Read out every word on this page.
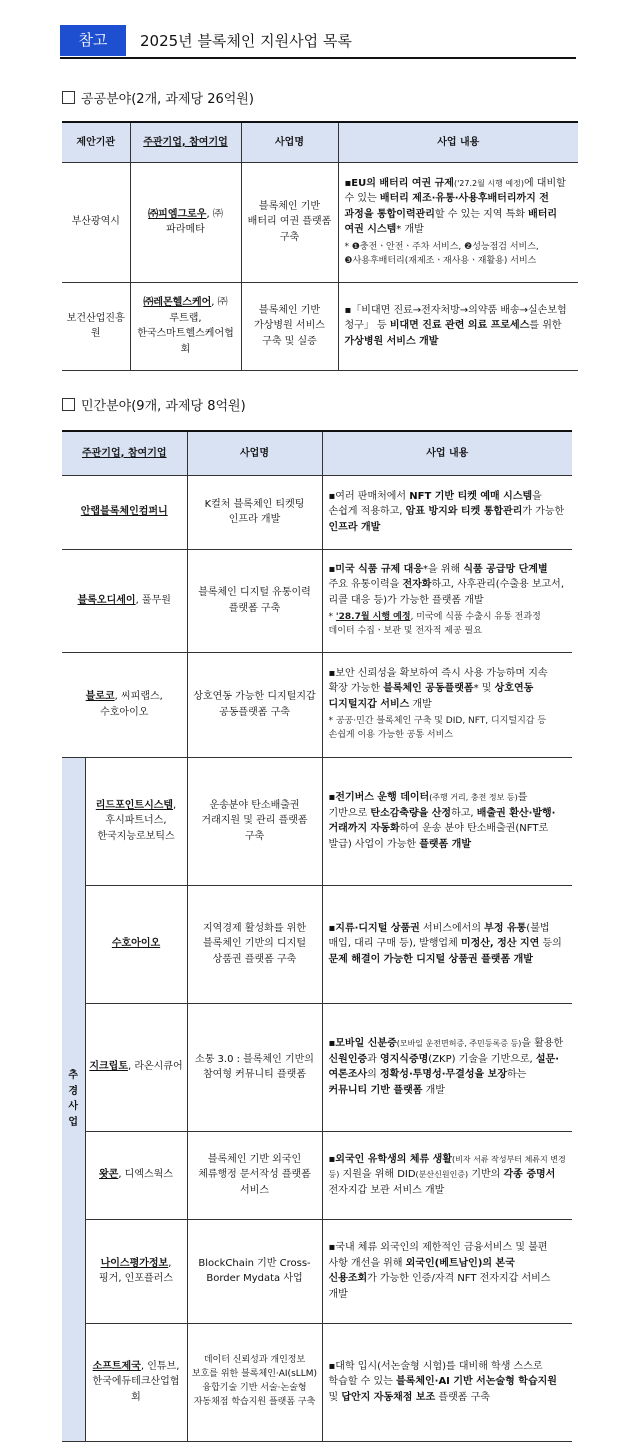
참고	2025년 블록체인 지원사업 목록
공공분야(2개, 과제당 26억원)
제안기관	주관기업, 참여기업	사업명	사업 내용
부산광역시	㈜피엠그로우, ㈜파라메타	블록체인 기반 배터리 여권 플랫폼 구축	▪EU의 배터리 여권 규제('27.2월 시행 예정)에 대비할 수 있는 배터리 제조·유통·사용후배터리까지 전 과정을 통합이력관리할 수 있는 지역 특화 배터리 여권 시스템* 개발
* ❶충전ㆍ안전ㆍ주차 서비스, ❷성능점검 서비스, ❸사용후배터리(재제조ㆍ재사용ㆍ재활용) 서비스

보건산업진흥원	㈜레몬헬스케어, ㈜루트랩, 한국스마트헬스케어협회	블록체인 기반 가상병원 서비스 구축 및 실증	▪「비대면 진료→전자처방→의약품 배송→실손보험 청구」 등 비대면 진료 관련 의료 프로세스를 위한 가상병원 서비스 개발
민간분야(9개, 과제당 8억원)
주관기업, 참여기업		사업명	사업 내용
안랩블록체인컴퍼니		K컬처 블록체인 티켓팅 인프라 개발	▪여러 판매처에서 NFT 기반 티켓 예매 시스템을 손쉽게 적용하고, 암표 방지와 티켓 통합관리가 가능한 인프라 개발
블록오디세이, 풀무원		블록체인 디지털 유통이력 플랫폼 구축	▪미국 식품 규제 대응*을 위해 식품 공급망 단계별 주요 유통이력을 전자화하고, 사후관리(수출용 보고서, 리콜 대응 등)가 가능한 플랫폼 개발
* '28.7월 시행 예정, 미국에 식품 수출시 유통 전과정 데이터 수집ㆍ보관 및 전자적 제공 필요

블로코, 씨피랩스, 수호아이오		상호연동 가능한 디지털지갑 공동플랫폼 구축	▪보안 신뢰성을 확보하여 즉시 사용 가능하며 지속 확장 가능한 블록체인 공동플랫폼* 및 상호연동 디지털지갑 서비스 개발
* 공공·민간 블록체인 구축 및 DID, NFT, 디지털지갑 등 손쉽게 이용 가능한 공통 서비스

추경사업	리드포인트시스템, 후시파트너스, 한국지능로보틱스	운송분야 탄소배출권 거래지원 및 관리 플랫폼 구축	▪전기버스 운행 데이터(주행 거리, 충전 정보 등)를 기반으로 탄소감축량을 산정하고, 배출권 환산·발행·거래까지 자동화하여 운송 분야 탄소배출권(NFT로 발급) 사업이 가능한 플랫폼 개발
	수호아이오	지역경제 활성화를 위한 블록체인 기반의 디지털 상품권 플랫폼 구축	▪지류·디지털 상품권 서비스에서의 부정 유통(불법 매입, 대리 구매 등), 발행업체 미정산, 정산 지연 등의 문제 해결이 가능한 디지털 상품권 플랫폼 개발
	지크립토, 라온시큐어	소통 3.0 : 블록체인 기반의 참여형 커뮤니티 플랫폼	▪모바일 신분증(모바일 운전면허증, 주민등록증 등)을 활용한 신원인증과 영지식증명(ZKP) 기술을 기반으로, 설문·여론조사의 정확성·투명성·무결성을 보장하는 커뮤니티 기반 플랫폼 개발
	왓콘, 디엑스웍스	블록체인 기반 외국인 체류행정 문서작성 플랫폼 서비스	▪외국인 유학생의 체류 생활(비자 서류 작성부터 체류지 변경 등) 지원을 위해 DID(분산신원인증) 기반의 각종 증명서 전자지갑 보관 서비스 개발
	나이스평가정보, 핑거, 인포플러스	BlockChain 기반 Cross-Border Mydata 사업	▪국내 체류 외국인의 제한적인 금융서비스 및 불편 사항 개선을 위해 외국인(베트남인)의 본국 신용조회가 가능한 인증/자격 NFT 전자지갑 서비스 개발
	소프트제국, 인튜브, 한국에듀테크산업협회	데이터 신뢰성과 개인정보 보호를 위한 블록체인·AI(sLLM) 융합기술 기반 서술·논술형 자동채점 학습지원 플랫폼 구축	▪대학 입시(서논술형 시험)를 대비해 학생 스스로 학습할 수 있는 블록체인·AI 기반 서논술형 학습지원 및 답안지 자동채점 보조 플랫폼 구축
